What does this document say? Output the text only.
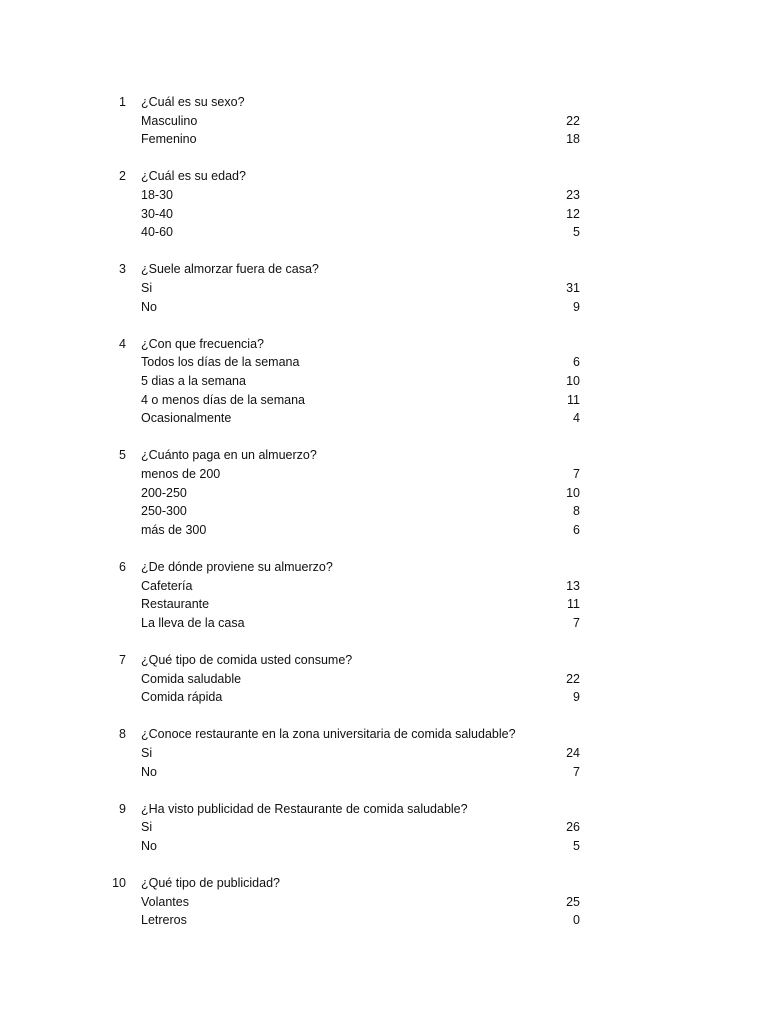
1 ¿Cuál es su sexo?
Masculino	22
Femenino	18
2 ¿Cuál es su edad?
18-30	23
30-40	12
40-60	5
3 ¿Suele almorzar fuera de casa?
Si	31
No	9
4 ¿Con que frecuencia?
Todos los días de la semana	6
5 dias a la semana	10
4 o menos días de la semana	11
Ocasionalmente	4
5 ¿Cuánto paga en un almuerzo?
menos de 200	7
200-250	10
250-300	8
más de 300	6
6 ¿De dónde proviene su almuerzo?
Cafetería	13
Restaurante	11
La lleva de la casa	7
7 ¿Qué tipo de comida usted consume?
Comida saludable	22
Comida rápida	9
8 ¿Conoce restaurante en la zona universitaria de comida saludable?
Si	24
No	7
9 ¿Ha visto publicidad de Restaurante de comida saludable?
Si	26
No	5
10 ¿Qué tipo de publicidad?
Volantes	25
Letreros	0
